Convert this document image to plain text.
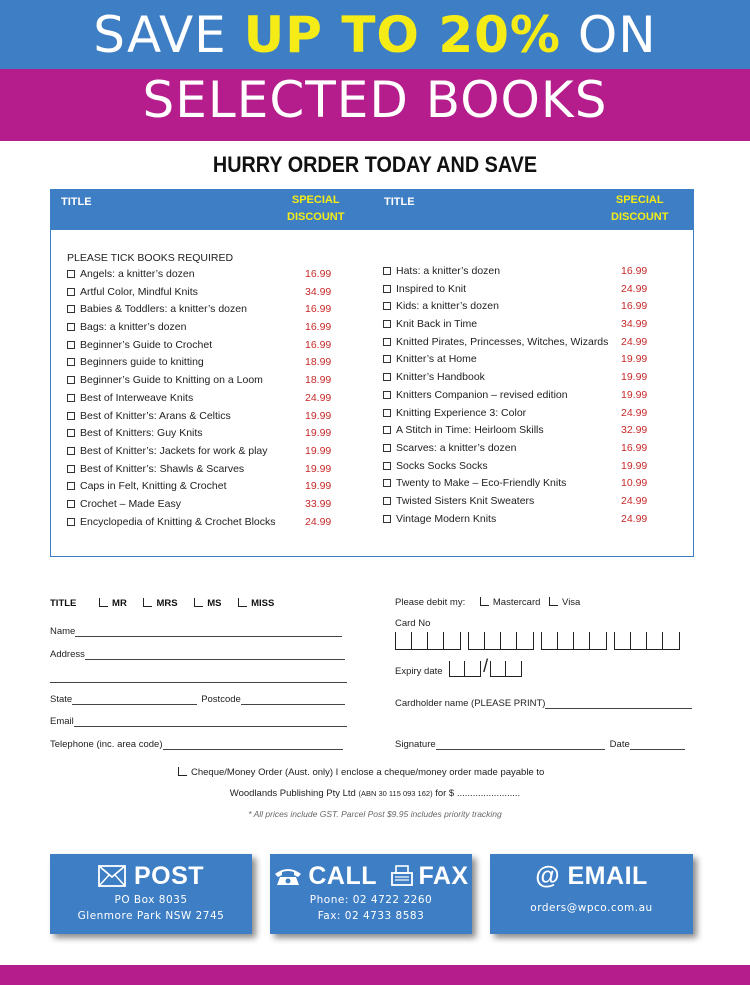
SAVE UP TO 20% ON
SELECTED BOOKS
HURRY ORDER TODAY AND SAVE
TITLE	SPECIAL
DISCOUNT
TITLE	SPECIAL
DISCOUNT
PLEASE TICK BOOKS REQUIRED
Angels: a knitter’s dozen	16.99
Artful Color, Mindful Knits	34.99
Babies & Toddlers: a knitter’s dozen	16.99
Bags: a knitter’s dozen	16.99
Beginner’s Guide to Crochet	16.99
Beginners guide to knitting	18.99
Beginner’s Guide to Knitting on a Loom	18.99
Best of Interweave Knits	24.99
Best of Knitter’s: Arans & Celtics	19.99
Best of Knitters: Guy Knits	19.99
Best of Knitter’s: Jackets for work & play	19.99
Best of Knitter’s: Shawls & Scarves	19.99
Caps in Felt, Knitting & Crochet	19.99
Crochet – Made Easy	33.99
Encyclopedia of Knitting & Crochet Blocks	24.99
Hats: a knitter’s dozen	16.99
Inspired to Knit	24.99
Kids: a knitter’s dozen	16.99
Knit Back in Time	34.99
Knitted Pirates, Princesses, Witches, Wizards 24.99
Knitter’s at Home	19.99
Knitter’s Handbook	19.99
Knitters Companion – revised edition	19.99
Knitting Experience 3: Color	24.99
A Stitch in Time: Heirloom Skills	32.99
Scarves: a knitter’s dozen	16.99
Socks Socks Socks	19.99
Twenty to Make – Eco-Friendly Knits	10.99
Twisted Sisters Knit Sweaters	24.99
Vintage Modern Knits	24.99
TITLE	MR	MRS	MS	MISS
Name
Address
State	Postcode
Email
Telephone (inc. area code)
Please debit my:	Mastercard Visa
Card No
Expiry date /
Cardholder name (PLEASE PRINT)
Signature	Date
Cheque/Money Order (Aust. only) I enclose a cheque/money order made payable to
Woodlands Publishing Pty Ltd (ABN 30 115 093 162) for $ ........................
* All prices include GST. Parcel Post $9.95 includes priority tracking
POST
PO Box 8035
Glenmore Park NSW 2745
CALL FAX
Phone: 02 4722 2260
Fax: 02 4733 8583
@ EMAIL
orders@wpco.com.au
